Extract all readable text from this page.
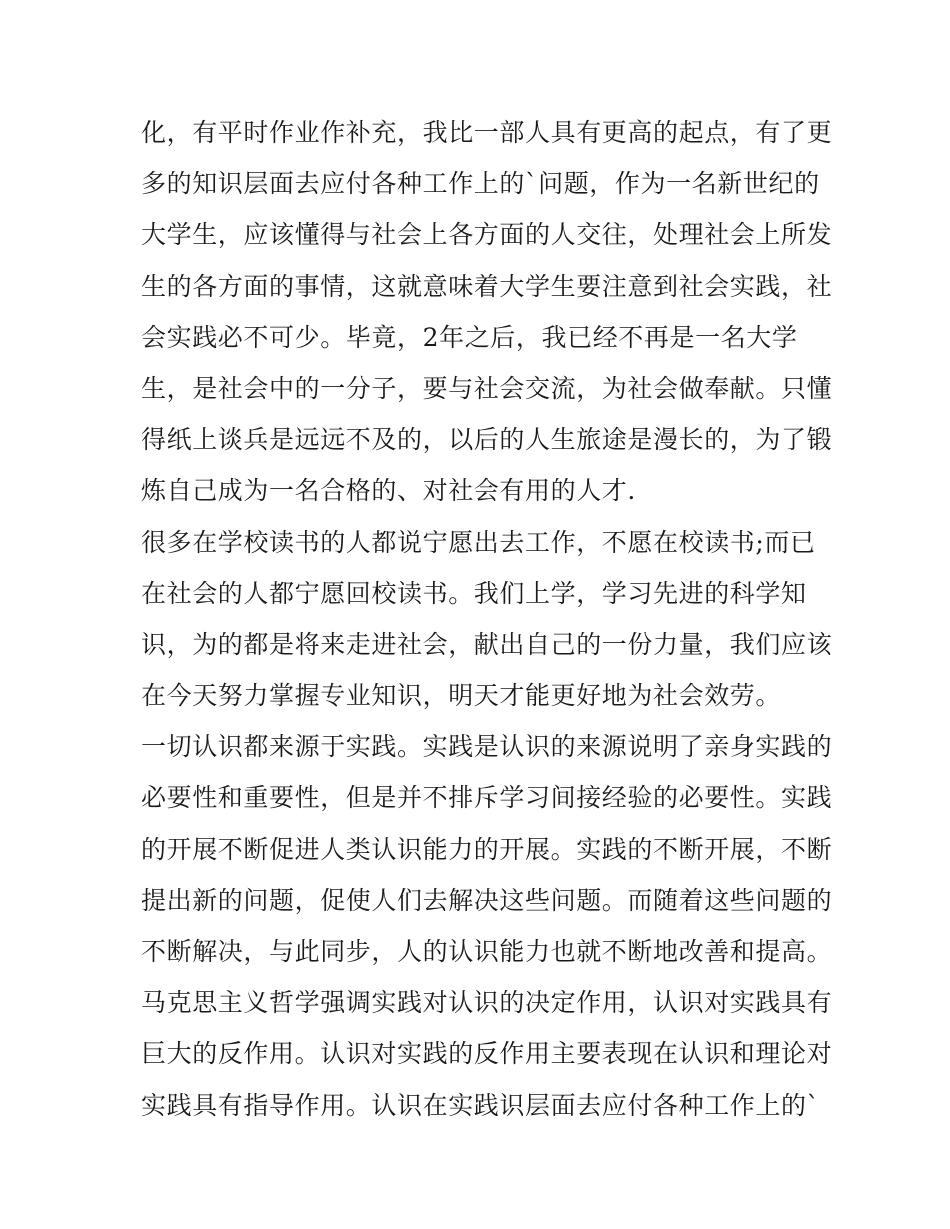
化，有平时作业作补充，我比一部人具有更高的起点，有了更
多的知识层面去应付各种工作上的`问题，作为一名新世纪的
大学生，应该懂得与社会上各方面的人交往，处理社会上所发
生的各方面的事情，这就意味着大学生要注意到社会实践，社
会实践必不可少。毕竟，2年之后，我已经不再是一名大学
生，是社会中的一分子，要与社会交流，为社会做奉献。只懂
得纸上谈兵是远远不及的，以后的人生旅途是漫长的，为了锻
炼自己成为一名合格的、对社会有用的人才.
很多在学校读书的人都说宁愿出去工作，不愿在校读书;而已
在社会的人都宁愿回校读书。我们上学，学习先进的科学知
识，为的都是将来走进社会，献出自己的一份力量，我们应该
在今天努力掌握专业知识，明天才能更好地为社会效劳。
一切认识都来源于实践。实践是认识的来源说明了亲身实践的
必要性和重要性，但是并不排斥学习间接经验的必要性。实践
的开展不断促进人类认识能力的开展。实践的不断开展，不断
提出新的问题，促使人们去解决这些问题。而随着这些问题的
不断解决，与此同步，人的认识能力也就不断地改善和提高。
马克思主义哲学强调实践对认识的决定作用，认识对实践具有
巨大的反作用。认识对实践的反作用主要表现在认识和理论对
实践具有指导作用。认识在实践识层面去应付各种工作上的`
